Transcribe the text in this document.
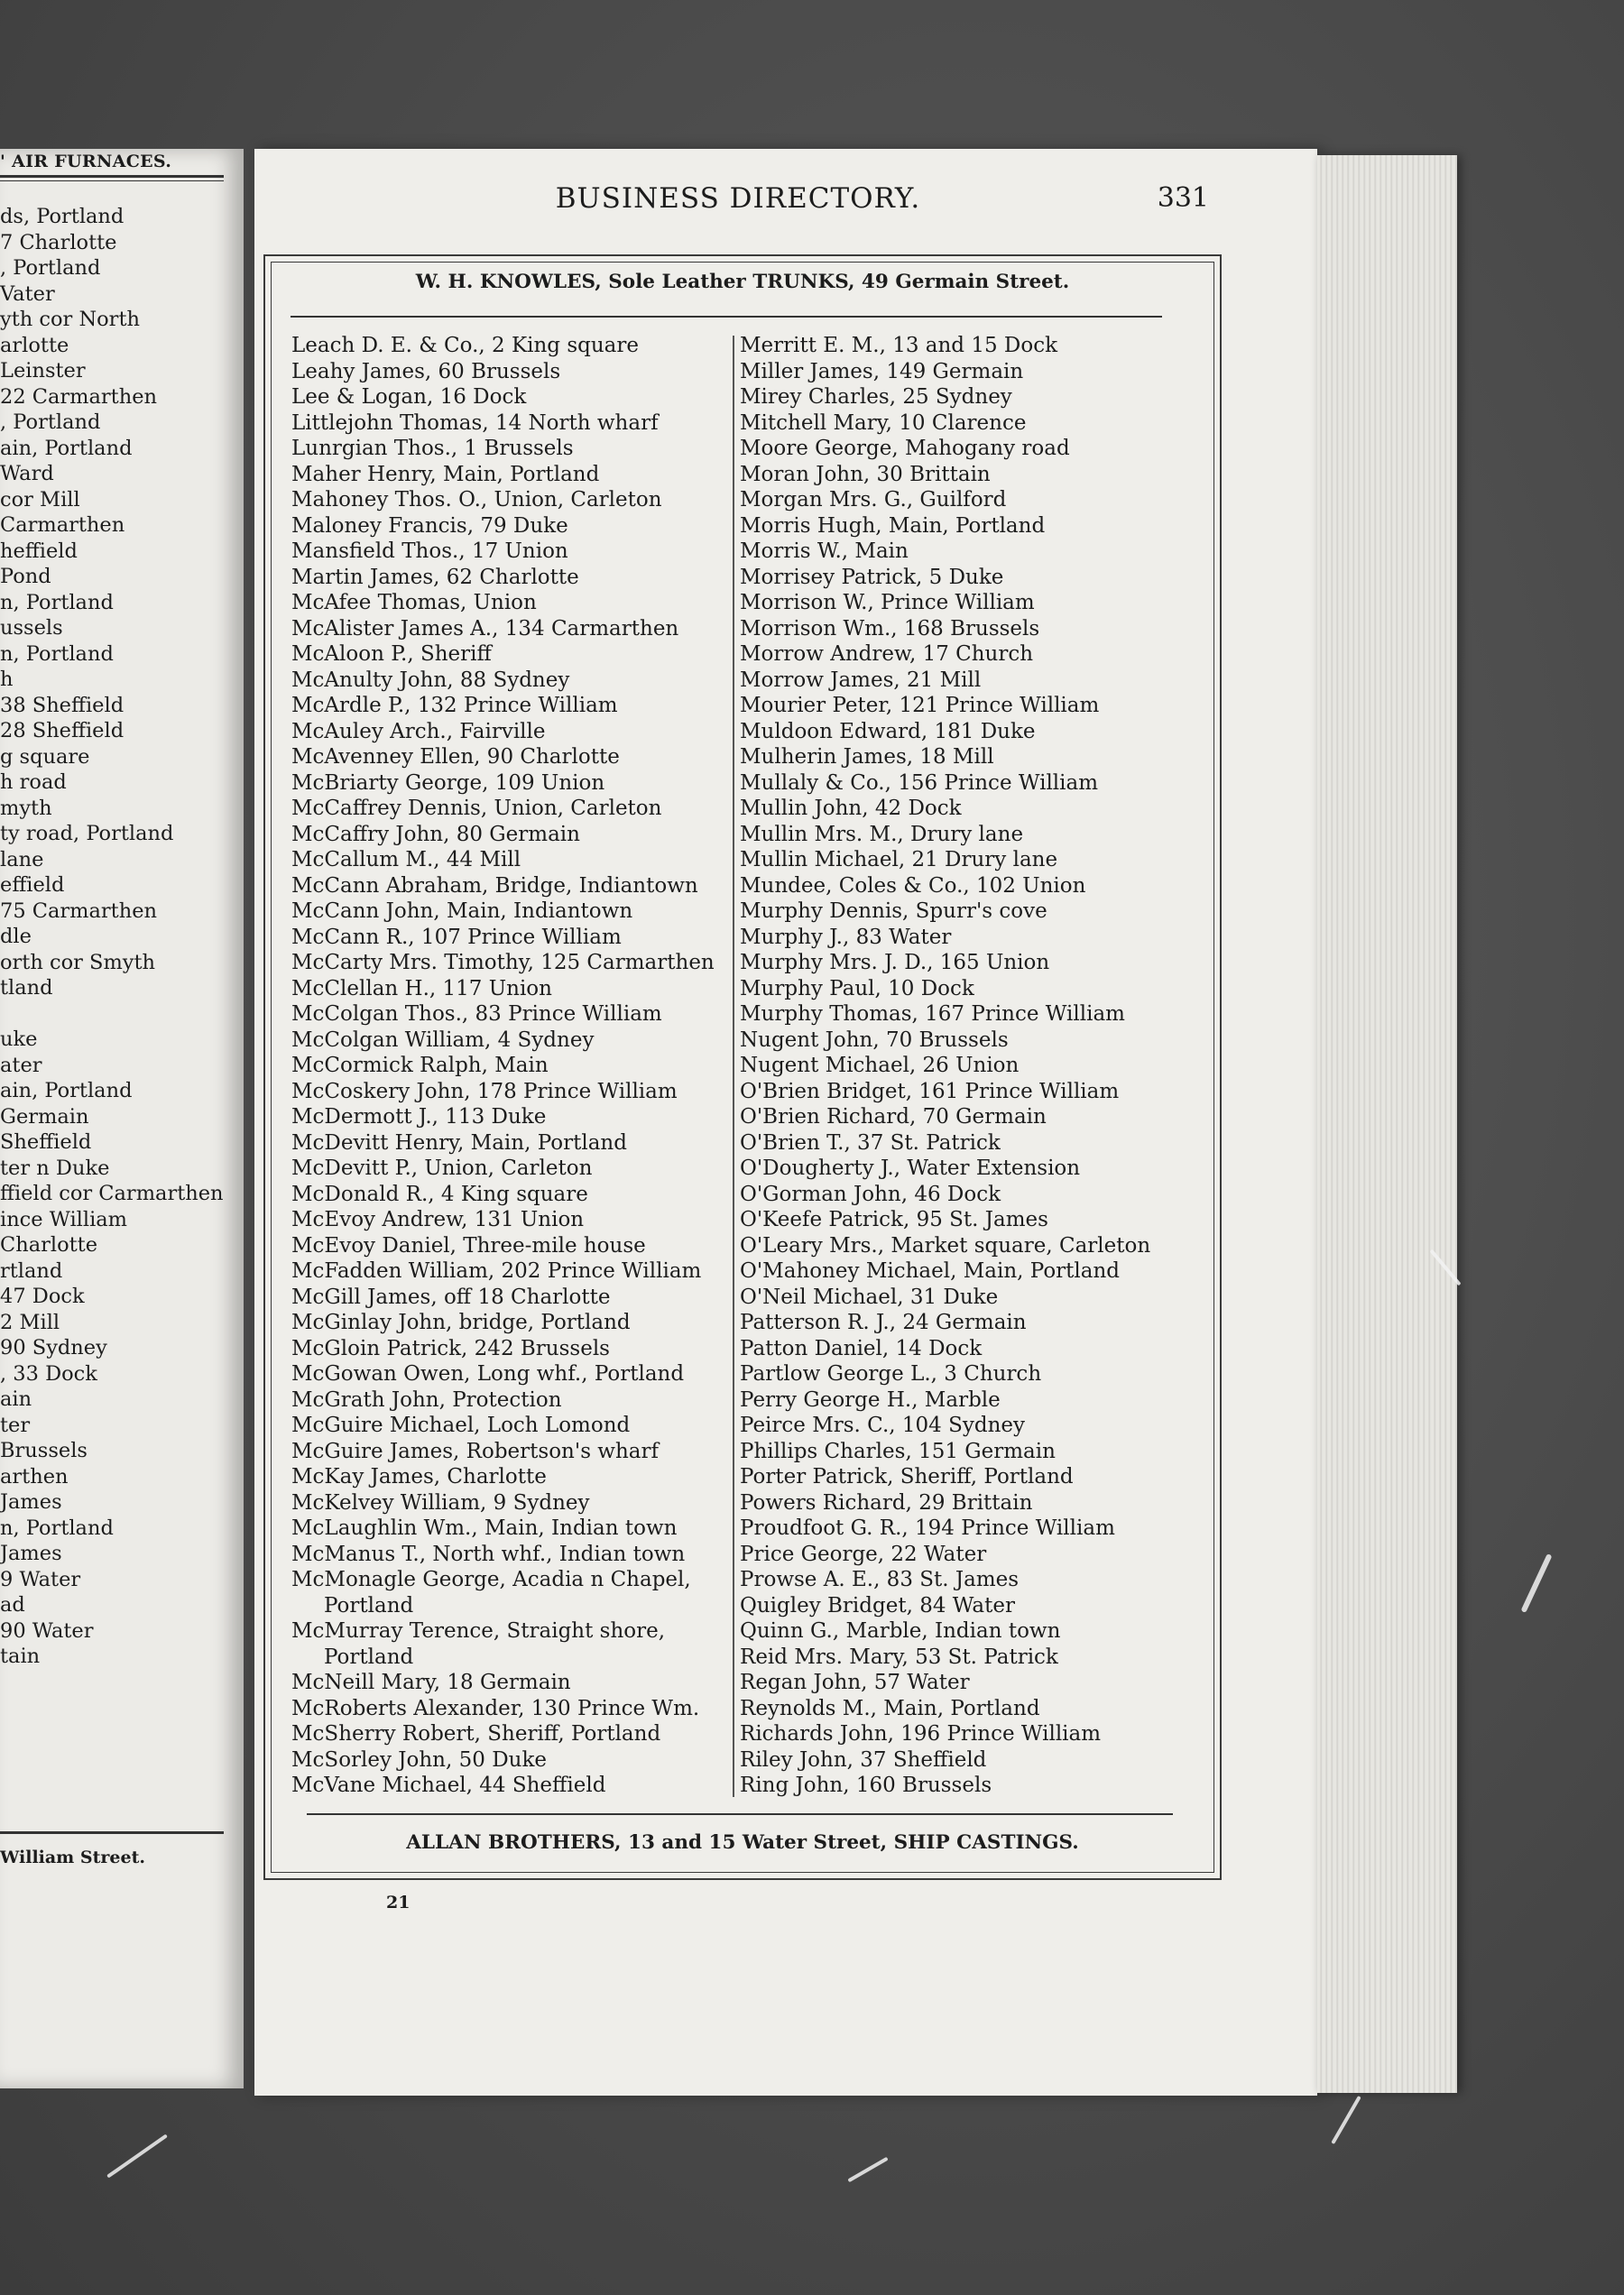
' AIR FURNACES.
ds, Portland
7 Charlotte
, Portland
Vater
yth cor North
arlotte
Leinster
22 Carmarthen
, Portland
ain, Portland
Ward
cor Mill
Carmarthen
heffield
Pond
n, Portland
ussels
n, Portland
h
38 Sheffield
28 Sheffield
g square
h road
myth
ty road, Portland
lane
effield
75 Carmarthen
dle
orth cor Smyth
tland
uke
ater
ain, Portland
Germain
Sheffield
ter n Duke
ffield cor Carmarthen
ince William
Charlotte
rtland
47 Dock
2 Mill
90 Sydney
, 33 Dock
ain
ter
Brussels
arthen
James
n, Portland
James
9 Water
ad
90 Water
tain
William Street.
BUSINESS DIRECTORY.	331
W. H. KNOWLES, Sole Leather TRUNKS, 49 Germain Street.
Leach D. E. & Co., 2 King square
Leahy James, 60 Brussels
Lee & Logan, 16 Dock
Littlejohn Thomas, 14 North wharf
Lunrgian Thos., 1 Brussels
Maher Henry, Main, Portland
Mahoney Thos. O., Union, Carleton
Maloney Francis, 79 Duke
Mansfield Thos., 17 Union
Martin James, 62 Charlotte
McAfee Thomas, Union
McAlister James A., 134 Carmarthen
McAloon P., Sheriff
McAnulty John, 88 Sydney
McArdle P., 132 Prince William
McAuley Arch., Fairville
McAvenney Ellen, 90 Charlotte
McBriarty George, 109 Union
McCaffrey Dennis, Union, Carleton
McCaffry John, 80 Germain
McCallum M., 44 Mill
McCann Abraham, Bridge, Indiantown
McCann John, Main, Indiantown
McCann R., 107 Prince William
McCarty Mrs. Timothy, 125 Carmarthen
McClellan H., 117 Union
McColgan Thos., 83 Prince William
McColgan William, 4 Sydney
McCormick Ralph, Main
McCoskery John, 178 Prince William
McDermott J., 113 Duke
McDevitt Henry, Main, Portland
McDevitt P., Union, Carleton
McDonald R., 4 King square
McEvoy Andrew, 131 Union
McEvoy Daniel, Three-mile house
McFadden William, 202 Prince William
McGill James, off 18 Charlotte
McGinlay John, bridge, Portland
McGloin Patrick, 242 Brussels
McGowan Owen, Long whf., Portland
McGrath John, Protection
McGuire Michael, Loch Lomond
McGuire James, Robertson's wharf
McKay James, Charlotte
McKelvey William, 9 Sydney
McLaughlin Wm., Main, Indian town
McManus T., North whf., Indian town
McMonagle George, Acadia n Chapel,
Portland
McMurray Terence, Straight shore,
Portland
McNeill Mary, 18 Germain
McRoberts Alexander, 130 Prince Wm.
McSherry Robert, Sheriff, Portland
McSorley John, 50 Duke
McVane Michael, 44 Sheffield
Merritt E. M., 13 and 15 Dock
Miller James, 149 Germain
Mirey Charles, 25 Sydney
Mitchell Mary, 10 Clarence
Moore George, Mahogany road
Moran John, 30 Brittain
Morgan Mrs. G., Guilford
Morris Hugh, Main, Portland
Morris W., Main
Morrisey Patrick, 5 Duke
Morrison W., Prince William
Morrison Wm., 168 Brussels
Morrow Andrew, 17 Church
Morrow James, 21 Mill
Mourier Peter, 121 Prince William
Muldoon Edward, 181 Duke
Mulherin James, 18 Mill
Mullaly & Co., 156 Prince William
Mullin John, 42 Dock
Mullin Mrs. M., Drury lane
Mullin Michael, 21 Drury lane
Mundee, Coles & Co., 102 Union
Murphy Dennis, Spurr's cove
Murphy J., 83 Water
Murphy Mrs. J. D., 165 Union
Murphy Paul, 10 Dock
Murphy Thomas, 167 Prince William
Nugent John, 70 Brussels
Nugent Michael, 26 Union
O'Brien Bridget, 161 Prince William
O'Brien Richard, 70 Germain
O'Brien T., 37 St. Patrick
O'Dougherty J., Water Extension
O'Gorman John, 46 Dock
O'Keefe Patrick, 95 St. James
O'Leary Mrs., Market square, Carleton
O'Mahoney Michael, Main, Portland
O'Neil Michael, 31 Duke
Patterson R. J., 24 Germain
Patton Daniel, 14 Dock
Partlow George L., 3 Church
Perry George H., Marble
Peirce Mrs. C., 104 Sydney
Phillips Charles, 151 Germain
Porter Patrick, Sheriff, Portland
Powers Richard, 29 Brittain
Proudfoot G. R., 194 Prince William
Price George, 22 Water
Prowse A. E., 83 St. James
Quigley Bridget, 84 Water
Quinn G., Marble, Indian town
Reid Mrs. Mary, 53 St. Patrick
Regan John, 57 Water
Reynolds M., Main, Portland
Richards John, 196 Prince William
Riley John, 37 Sheffield
Ring John, 160 Brussels
ALLAN BROTHERS, 13 and 15 Water Street, SHIP CASTINGS.
21
